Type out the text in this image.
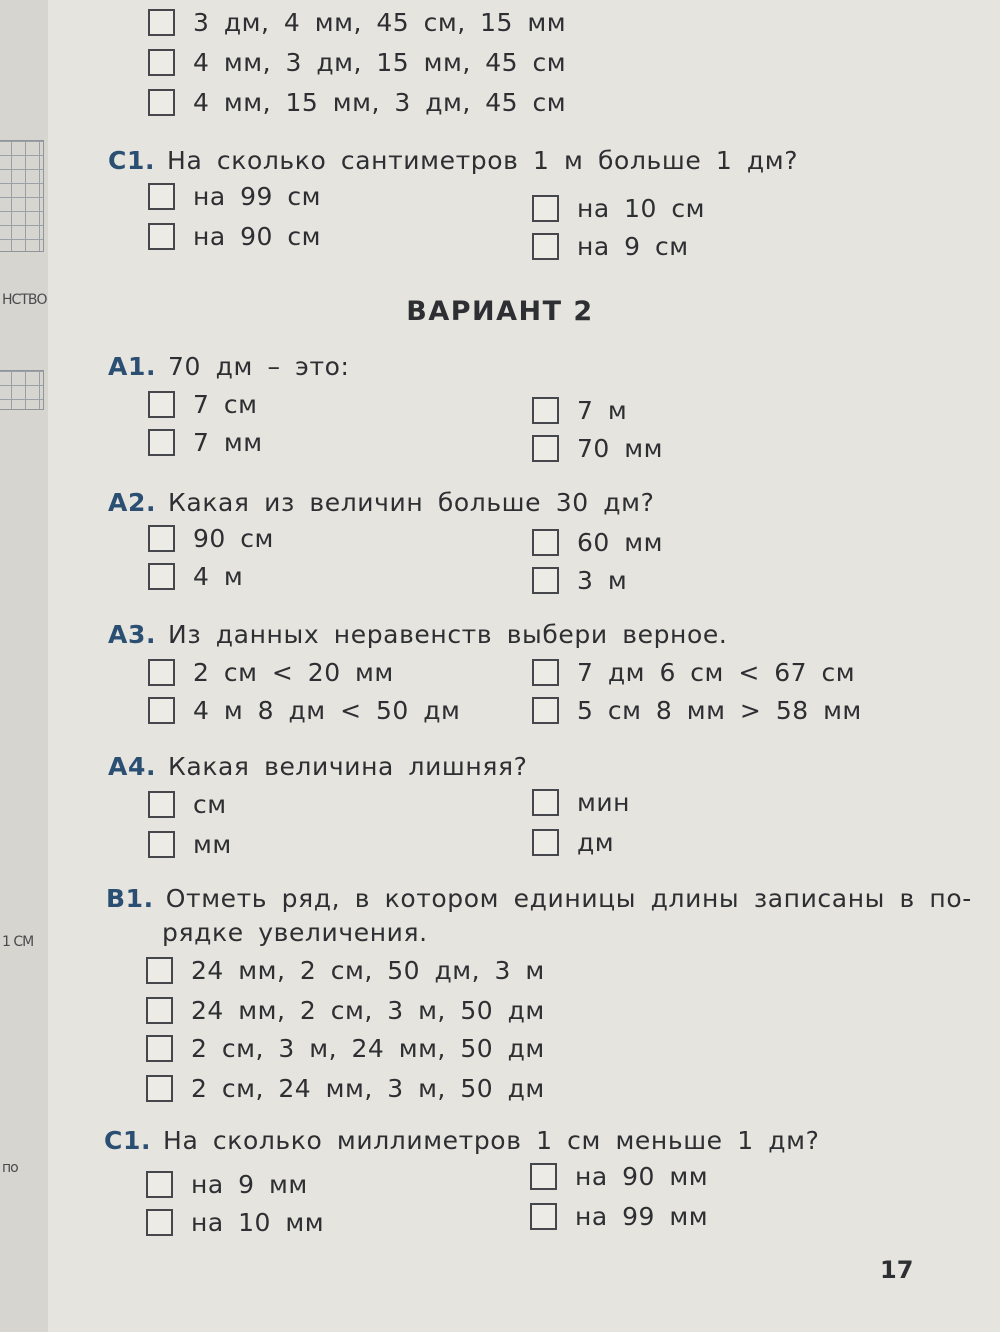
НСТВО
1 СМ
по
3 дм, 4 мм, 45 см, 15 мм
4 мм, 3 дм, 15 мм, 45 см
4 мм, 15 мм, 3 дм, 45 см
С1. На сколько сантиметров 1 м больше 1 дм?
на 99 см
на 90 см
на 10 см
на 9 см
ВАРИАНТ 2
А1. 70 дм – это:
7 см
7 мм
7 м
70 мм
А2. Какая из величин больше 30 дм?
90 см
4 м
60 мм
3 м
А3. Из данных неравенств выбери верное.
2 см < 20 мм
4 м 8 дм < 50 дм
7 дм 6 см < 67 см
5 см 8 мм > 58 мм
А4. Какая величина лишняя?
см
мм
мин
дм
В1. Отметь ряд, в котором единицы длины записаны в по-
рядке увеличения.
24 мм, 2 см, 50 дм, 3 м
24 мм, 2 см, 3 м, 50 дм
2 см, 3 м, 24 мм, 50 дм
2 см, 24 мм, 3 м, 50 дм
С1. На сколько миллиметров 1 см меньше 1 дм?
на 9 мм
на 10 мм
на 90 мм
на 99 мм
17
